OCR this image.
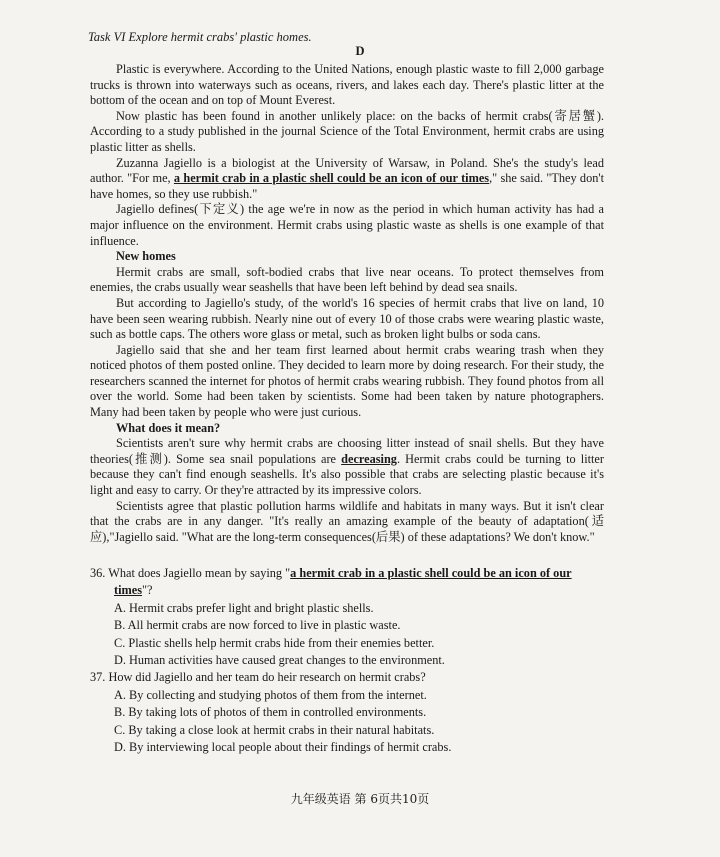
Task VI Explore hermit crabs' plastic homes.
D

Plastic is everywhere. According to the United Nations, enough plastic waste to fill 2,000 garbage trucks is thrown into waterways such as oceans, rivers, and lakes each day. There's plastic litter at the bottom of the ocean and on top of Mount Everest.

Now plastic has been found in another unlikely place: on the backs of hermit crabs(寄居蟹). According to a study published in the journal Science of the Total Environment, hermit crabs are using plastic litter as shells.

Zuzanna Jagiello is a biologist at the University of Warsaw, in Poland. She's the study's lead author. "For me, a hermit crab in a plastic shell could be an icon of our times," she said. "They don't have homes, so they use rubbish."

Jagiello defines(下定义) the age we're in now as the period in which human activity has had a major influence on the environment. Hermit crabs using plastic waste as shells is one example of that influence.

New homes

Hermit crabs are small, soft-bodied crabs that live near oceans. To protect themselves from enemies, the crabs usually wear seashells that have been left behind by dead sea snails.

But according to Jagiello's study, of the world's 16 species of hermit crabs that live on land, 10 have been seen wearing rubbish. Nearly nine out of every 10 of those crabs were wearing plastic waste, such as bottle caps. The others wore glass or metal, such as broken light bulbs or soda cans.

Jagiello said that she and her team first learned about hermit crabs wearing trash when they noticed photos of them posted online. They decided to learn more by doing research. For their study, the researchers scanned the internet for photos of hermit crabs wearing rubbish. They found photos from all over the world. Some had been taken by scientists. Some had been taken by nature photographers. Many had been taken by people who were just curious.

What does it mean?

Scientists aren't sure why hermit crabs are choosing litter instead of snail shells. But they have theories(推测). Some sea snail populations are decreasing. Hermit crabs could be turning to litter because they can't find enough seashells. It's also possible that crabs are selecting plastic because it's light and easy to carry. Or they're attracted by its impressive colors.

Scientists agree that plastic pollution harms wildlife and habitats in many ways. But it isn't clear that the crabs are in any danger. "It's really an amazing example of the beauty of adaptation(适应),"Jagiello said. "What are the long-term consequences(后果) of these adaptations? We don't know."

36. What does Jagiello mean by saying "a hermit crab in a plastic shell could be an icon of our
times"?
A. Hermit crabs prefer light and bright plastic shells.
B. All hermit crabs are now forced to live in plastic waste.
C. Plastic shells help hermit crabs hide from their enemies better.
D. Human activities have caused great changes to the environment.
37. How did Jagiello and her team do heir research on hermit crabs?
A. By collecting and studying photos of them from the internet.
B. By taking lots of photos of them in controlled environments.
C. By taking a close look at hermit crabs in their natural habitats.
D. By interviewing local people about their findings of hermit crabs.
九年级英语 第 6页共10页
